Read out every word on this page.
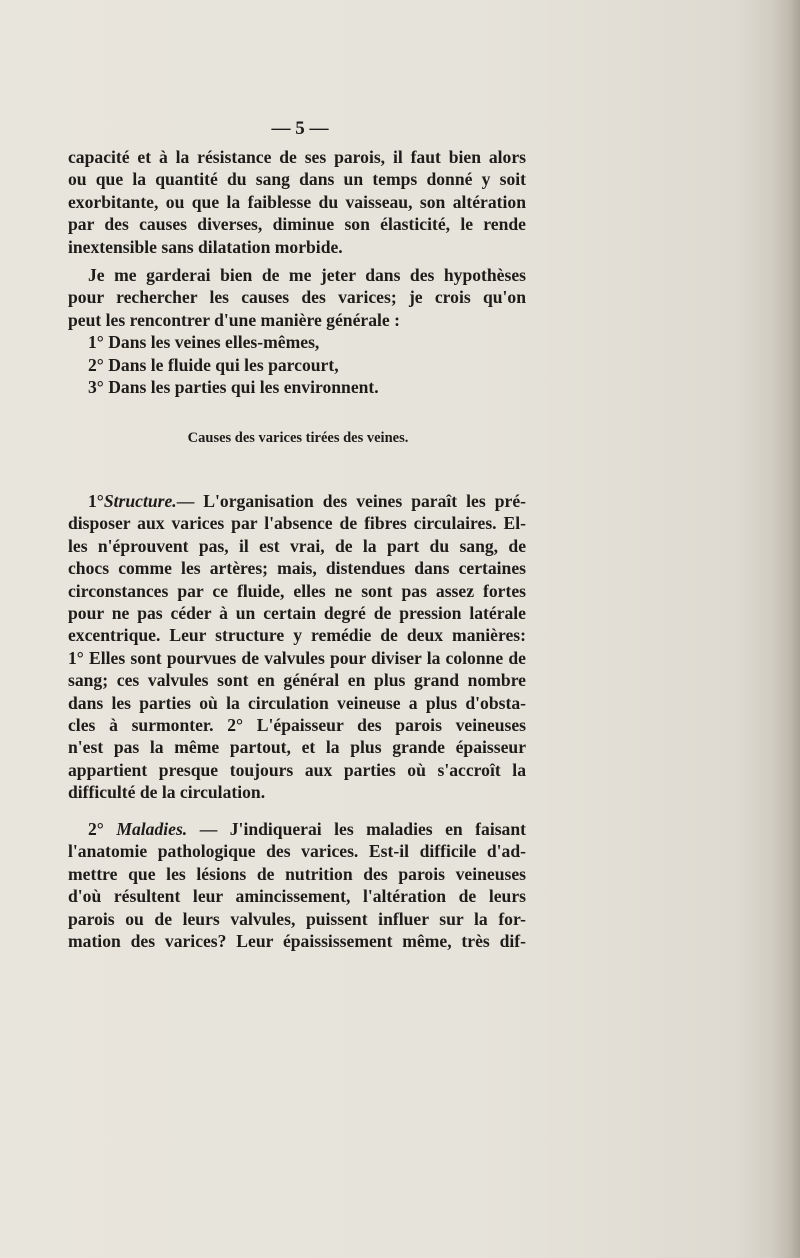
— 5 —
capacité et à la résistance de ses parois, il faut bien alors
ou que la quantité du sang dans un temps donné y soit
exorbitante, ou que la faiblesse du vaisseau, son altération
par des causes diverses, diminue son élasticité, le rende
inextensible sans dilatation morbide.
Je me garderai bien de me jeter dans des hypothèses
pour rechercher les causes des varices; je crois qu'on
peut les rencontrer d'une manière générale :
1° Dans les veines elles-mêmes,
2° Dans le fluide qui les parcourt,
3° Dans les parties qui les environnent.
Causes des varices tirées des veines.
1°Structure.— L'organisation des veines paraît les pré-
disposer aux varices par l'absence de fibres circulaires. El-
les n'éprouvent pas, il est vrai, de la part du sang, de
chocs comme les artères; mais, distendues dans certaines
circonstances par ce fluide, elles ne sont pas assez fortes
pour ne pas céder à un certain degré de pression latérale
excentrique. Leur structure y remédie de deux manières:
1° Elles sont pourvues de valvules pour diviser la colonne de
sang; ces valvules sont en général en plus grand nombre
dans les parties où la circulation veineuse a plus d'obsta-
cles à surmonter. 2° L'épaisseur des parois veineuses
n'est pas la même partout, et la plus grande épaisseur
appartient presque toujours aux parties où s'accroît la
difficulté de la circulation.
2° Maladies. — J'indiquerai les maladies en faisant
l'anatomie pathologique des varices. Est-il difficile d'ad-
mettre que les lésions de nutrition des parois veineuses
d'où résultent leur amincissement, l'altération de leurs
parois ou de leurs valvules, puissent influer sur la for-
mation des varices? Leur épaississement même, très dif-
